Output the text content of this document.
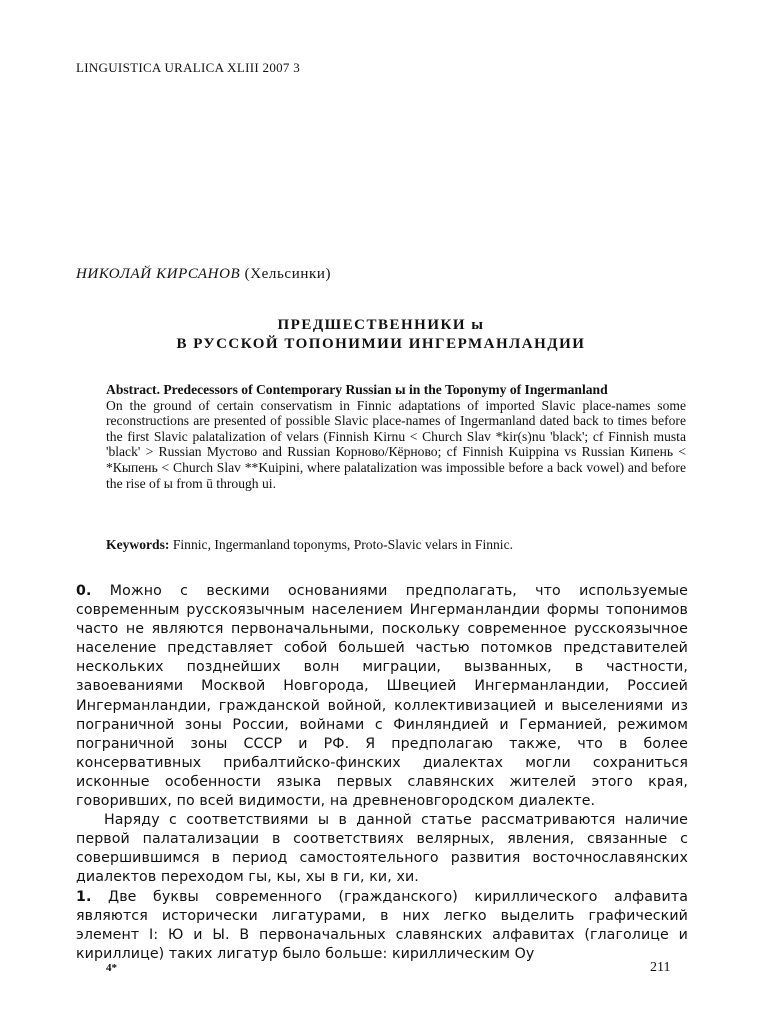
LINGUISTICA URALICA XLIII 2007 3
НИКОЛАЙ КИРСАНОВ (Хельсинки)
ПРЕДШЕСТВЕННИКИ ы
В РУССКОЙ ТОПОНИМИИ ИНГЕРМАНЛАНДИИ

Abstract. Predecessors of Contemporary Russian ы in the Toponymy of Ingermanland

On the ground of certain conservatism in Finnic adaptations of imported Slavic place-names some reconstructions are presented of possible Slavic place-names of Ingermanland dated back to times before the first Slavic palatalization of velars (Finnish Kirnu < Church Slav *kir(s)nu 'black'; cf Finnish musta 'black' > Russian Мустово and Russian Корново/Кёрново; cf Finnish Kuippina vs Russian Кипень < *Кыпень < Church Slav **Kuipini, where palatalization was impossible before a back vowel) and before the rise of ы from ū through ui.

Keywords: Finnic, Ingermanland toponyms, Proto-Slavic velars in Finnic.

0. Можно с вескими основаниями предполагать, что используемые современным русскоязычным населением Ингерманландии формы топонимов часто не являются первоначальными, поскольку современное русскоязычное население представляет собой большей частью потомков представителей нескольких позднейших волн миграции, вызванных, в частности, завоеваниями Москвой Новгорода, Швецией Ингерманландии, Россией Ингерманландии, гражданской войной, коллективизацией и выселениями из пограничной зоны России, войнами с Финляндией и Германией, режимом пограничной зоны СССР и РФ. Я предполагаю также, что в более консервативных прибалтийско-финских диалектах могли сохраниться исконные особенности языка первых славянских жителей этого края, говоривших, по всей видимости, на древненовгородском диалекте.

Наряду с соответствиями ы в данной статье рассматриваются наличие первой палатализации в соответствиях велярных, явления, связанные с совершившимся в период самостоятельного развития восточнославянских диалектов переходом гы, кы, хы в ги, ки, хи.

1. Две буквы современного (гражданского) кириллического алфавита являются исторически лигатурами, в них легко выделить графический элемент I: Ю и Ы. В первоначальных славянских алфавитах (глаголице и кириллице) таких лигатур было больше: кириллическим Оу

4*	211
